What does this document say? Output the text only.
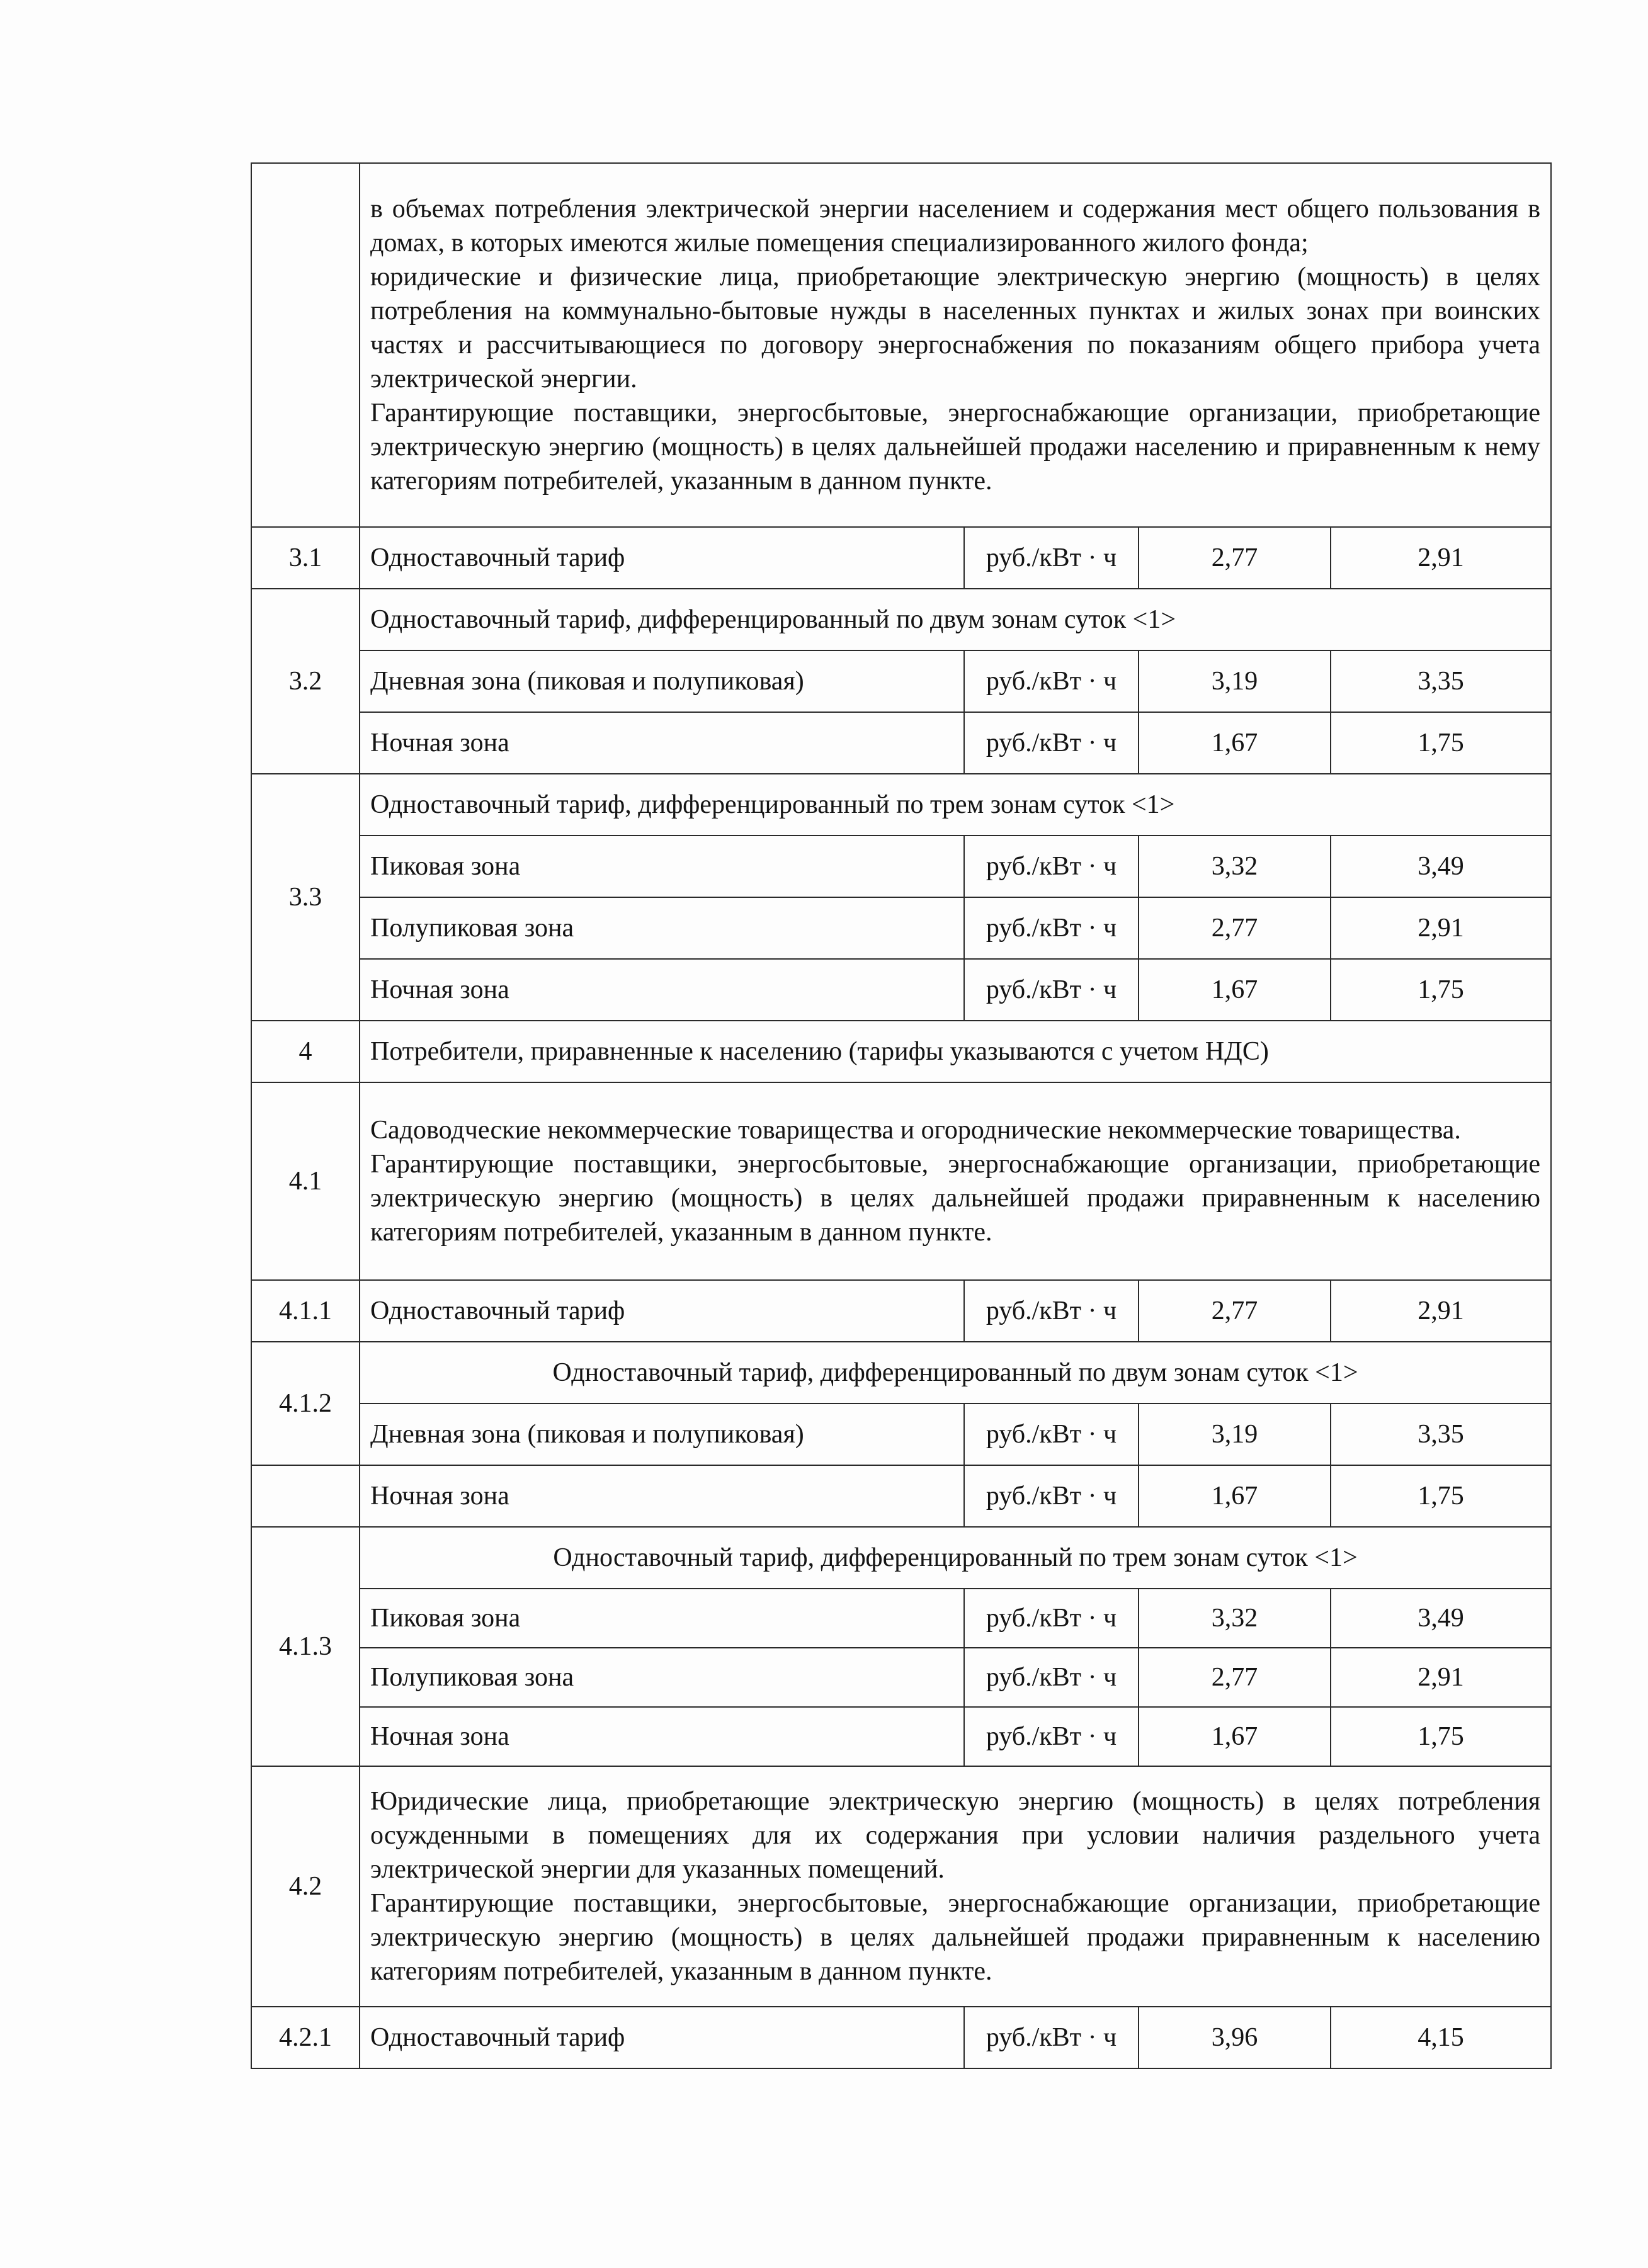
	в объемах потребления электрической энергии населением и содержания мест общего пользования в домах, в которых имеются жилые помещения специализированного жилого фонда;

юридические и физические лица, приобретающие электрическую энергию (мощность) в целях потребления на коммунально-бытовые нужды в населенных пунктах и жилых зонах при воинских частях и рассчитывающиеся по договору энергоснабжения по показаниям общего прибора учета электрической энергии.

Гарантирующие поставщики, энергосбытовые, энергоснабжающие организации, приобретающие электрическую энергию (мощность) в целях дальнейшей продажи населению и приравненным к нему категориям потребителей, указанным в данном пункте.			

3.1	Одноставочный тариф	руб./кВт · ч	2,77	2,91
3.2	Одноставочный тариф, дифференцированный по двум зонам суток <1>			
	Дневная зона (пиковая и полупиковая)	руб./кВт · ч	3,19	3,35
	Ночная зона	руб./кВт · ч	1,67	1,75
3.3	Одноставочный тариф, дифференцированный по трем зонам суток <1>			
	Пиковая зона	руб./кВт · ч	3,32	3,49
	Полупиковая зона	руб./кВт · ч	2,77	2,91
	Ночная зона	руб./кВт · ч	1,67	1,75
4	Потребители, приравненные к населению (тарифы указываются с учетом НДС)			
4.1	Садоводческие некоммерческие товарищества и огороднические некоммерческие товарищества.

Гарантирующие поставщики, энергосбытовые, энергоснабжающие организации, приобретающие электрическую энергию (мощность) в целях дальнейшей продажи приравненным к населению категориям потребителей, указанным в данном пункте.			

4.1.1	Одноставочный тариф	руб./кВт · ч	2,77	2,91
4.1.2	Одноставочный тариф, дифференцированный по двум зонам суток <1>			
	Дневная зона (пиковая и полупиковая)	руб./кВт · ч	3,19	3,35
	Ночная зона	руб./кВт · ч	1,67	1,75
4.1.3	Одноставочный тариф, дифференцированный по трем зонам суток <1>			
	Пиковая зона	руб./кВт · ч	3,32	3,49
	Полупиковая зона	руб./кВт · ч	2,77	2,91
	Ночная зона	руб./кВт · ч	1,67	1,75
4.2	Юридические лица, приобретающие электрическую энергию (мощность) в целях потребления осужденными в помещениях для их содержания при условии наличия раздельного учета электрической энергии для указанных помещений.

Гарантирующие поставщики, энергосбытовые, энергоснабжающие организации, приобретающие электрическую энергию (мощность) в целях дальнейшей продажи приравненным к населению категориям потребителей, указанным в данном пункте.			

4.2.1	Одноставочный тариф	руб./кВт · ч	3,96	4,15
